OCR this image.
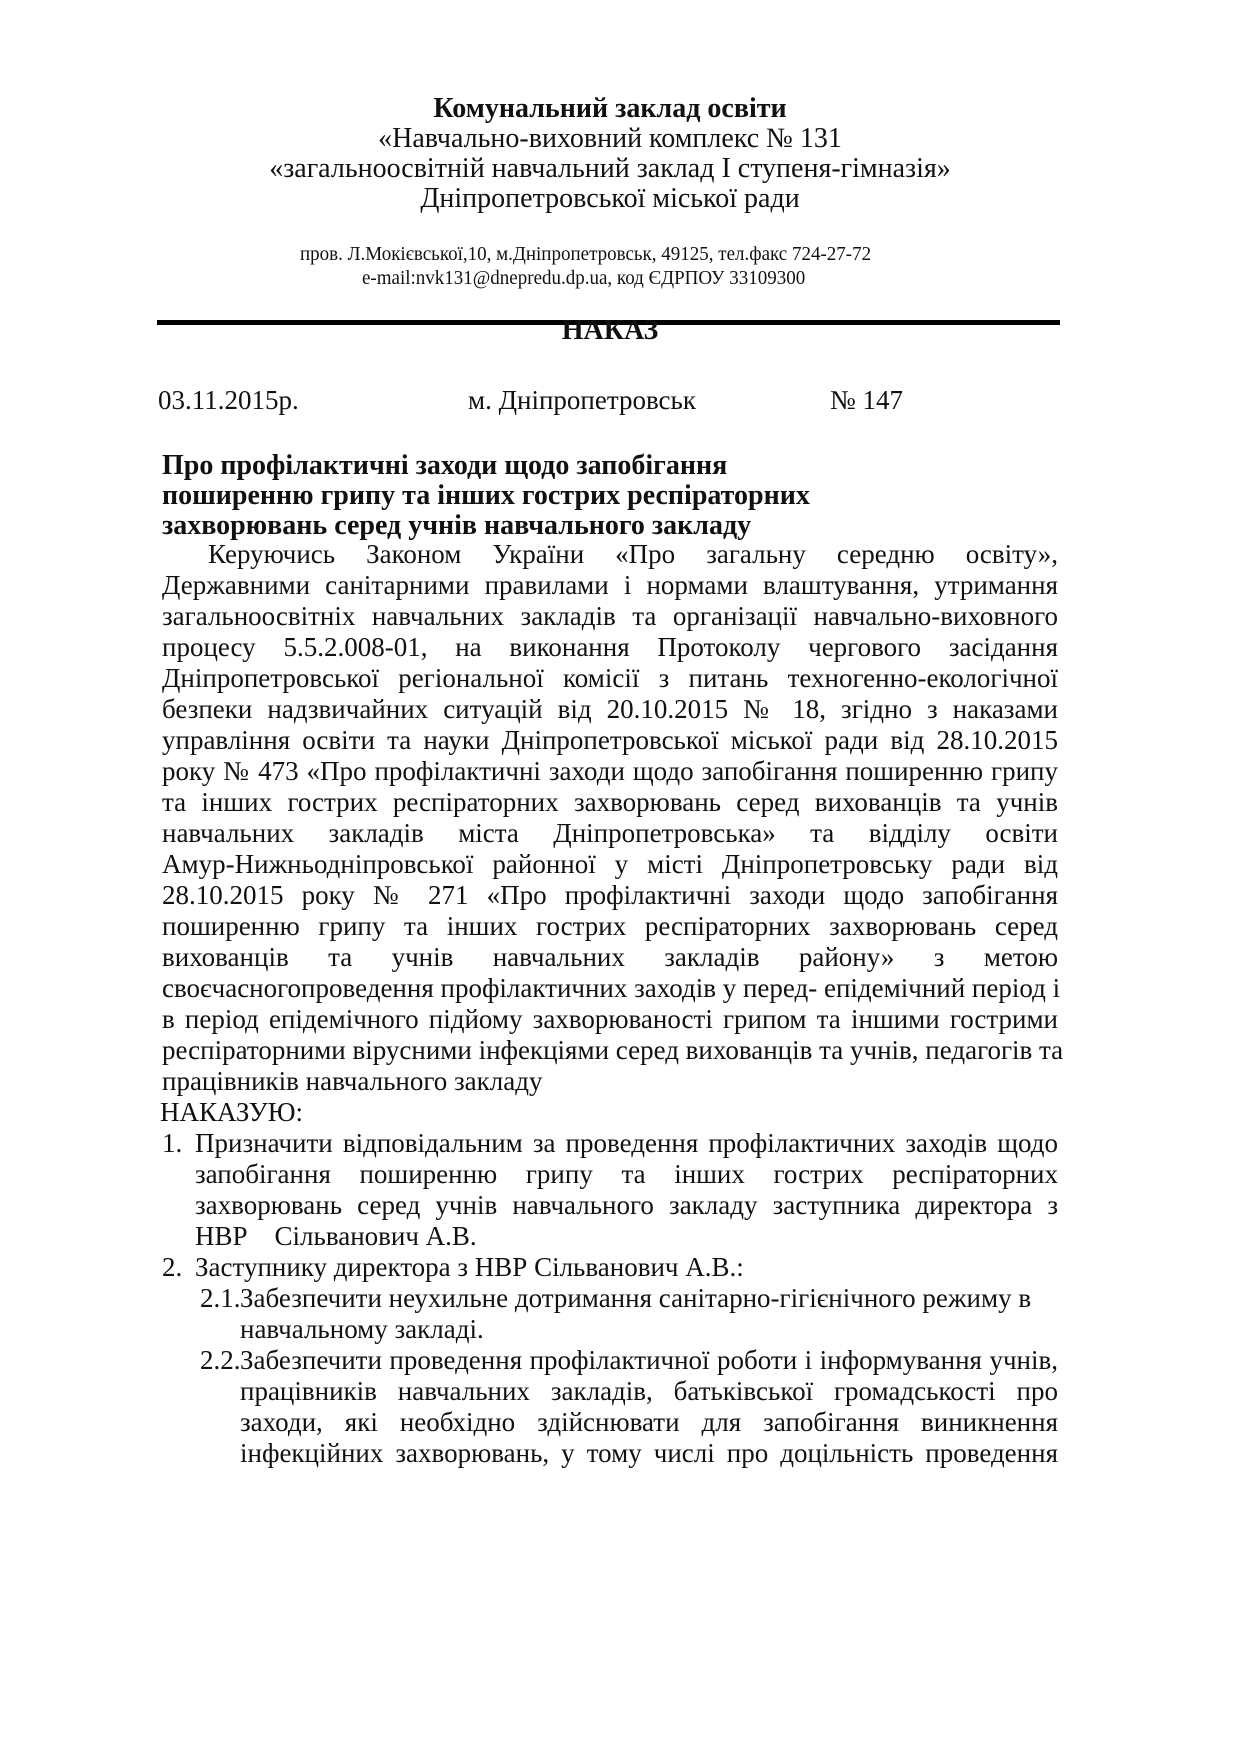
Комунальний заклад освіти
«Навчально-виховний комплекс № 131
«загальноосвітній навчальний заклад І ступеня-гімназія»
Дніпропетровської міської ради
пров. Л.Мокієвської,10, м.Дніпропетровськ, 49125, тел.факс 724-27-72
e-mail:nvk131@dnepredu.dp.ua, код ЄДРПОУ 33109300
НАКАЗ
03.11.2015р.	м. Дніпропетровськ	№ 147
Про профілактичні заходи щодо запобігання
поширенню грипу та інших гострих респіраторних
захворювань серед учнів навчального закладу
Керуючись Законом України «Про загальну середню освіту»,
Державними санітарними правилами і нормами влаштування, утримання
загальноосвітніх навчальних закладів та організації навчально-виховного
процесу 5.5.2.008-01, на виконання Протоколу чергового засідання
Дніпропетровської регіональної комісії з питань техногенно-екологічної
безпеки надзвичайних ситуацій від 20.10.2015 № 18, згідно з наказами
управління освіти та науки Дніпропетровської міської ради від 28.10.2015
року № 473 «Про профілактичні заходи щодо запобігання поширенню грипу
та інших гострих респіраторних захворювань серед вихованців та учнів
навчальних закладів міста Дніпропетровська» та відділу освіти
Амур-Нижньодніпровської районної у місті Дніпропетровську ради від
28.10.2015 року № 271 «Про профілактичні заходи щодо запобігання
поширенню грипу та інших гострих респіраторних захворювань серед
вихованців та учнів навчальних закладів району» з метою
своєчасногопроведення профілактичних заходів у перед- епідемічний період і
в період епідемічного підйому захворюваності грипом та іншими гострими
респіраторними вірусними інфекціями серед вихованців та учнів, педагогів та
працівників навчального закладу
НАКАЗУЮ:
1. Призначити відповідальним за проведення профілактичних заходів щодо
запобігання поширенню грипу та інших гострих респіраторних
захворювань серед учнів навчального закладу заступника директора з
НВР    Сільванович А.В.
2. Заступнику директора з НВР Сільванович А.В.:
2.1. Забезпечити неухильне дотримання санітарно-гігієнічного режиму в
навчальному закладі.
2.2. Забезпечити проведення профілактичної роботи і інформування учнів,
працівників навчальних закладів, батьківської громадськості про
заходи, які необхідно здійснювати для запобігання виникнення
інфекційних захворювань, у тому числі про доцільність проведення
